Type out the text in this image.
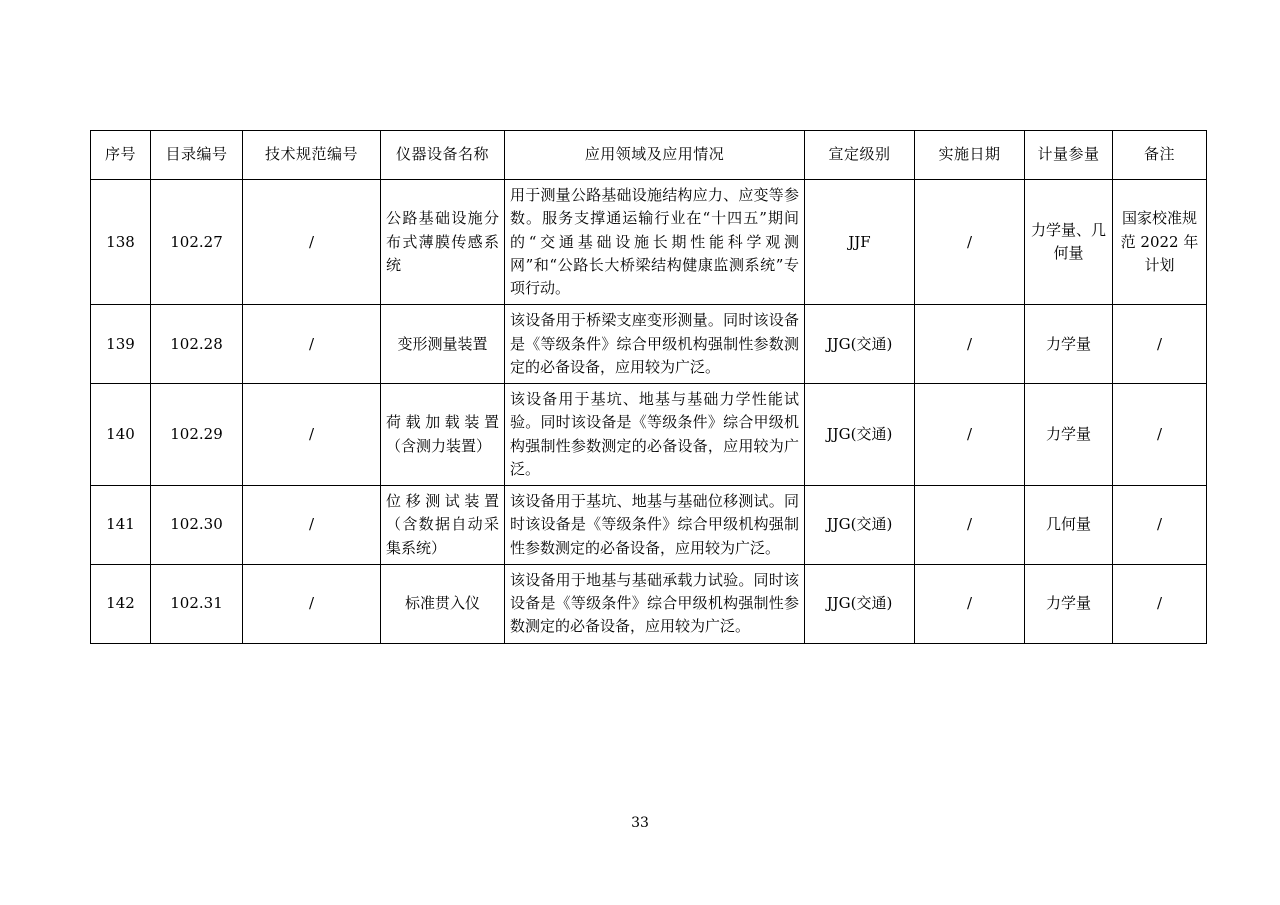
序号	目录编号	技术规范编号	仪器设备名称	应用领域及应用情况	宣定级别	实施日期	计量参量	备注
138	102.27	/	公路基础设施分布式薄膜传感系统	用于测量公路基础设施结构应力、应变等参数。服务支撑通运输行业在“十四五”期间的“交通基础设施长期性能科学观测网”和“公路长大桥梁结构健康监测系统”专项行动。	JJF	/	力学量、几何量	国家校准规范 2022 年计划
139	102.28	/	变形测量装置	该设备用于桥梁支座变形测量。同时该设备是《等级条件》综合甲级机构强制性参数测定的必备设备，应用较为广泛。	JJG(交通)	/	力学量	/
140	102.29	/	荷载加载装置（含测力装置）	该设备用于基坑、地基与基础力学性能试验。同时该设备是《等级条件》综合甲级机构强制性参数测定的必备设备，应用较为广泛。	JJG(交通)	/	力学量	/
141	102.30	/	位移测试装置（含数据自动采集系统）	该设备用于基坑、地基与基础位移测试。同时该设备是《等级条件》综合甲级机构强制性参数测定的必备设备，应用较为广泛。	JJG(交通)	/	几何量	/
142	102.31	/	标准贯入仪	该设备用于地基与基础承载力试验。同时该设备是《等级条件》综合甲级机构强制性参数测定的必备设备，应用较为广泛。	JJG(交通)	/	力学量	/
33
